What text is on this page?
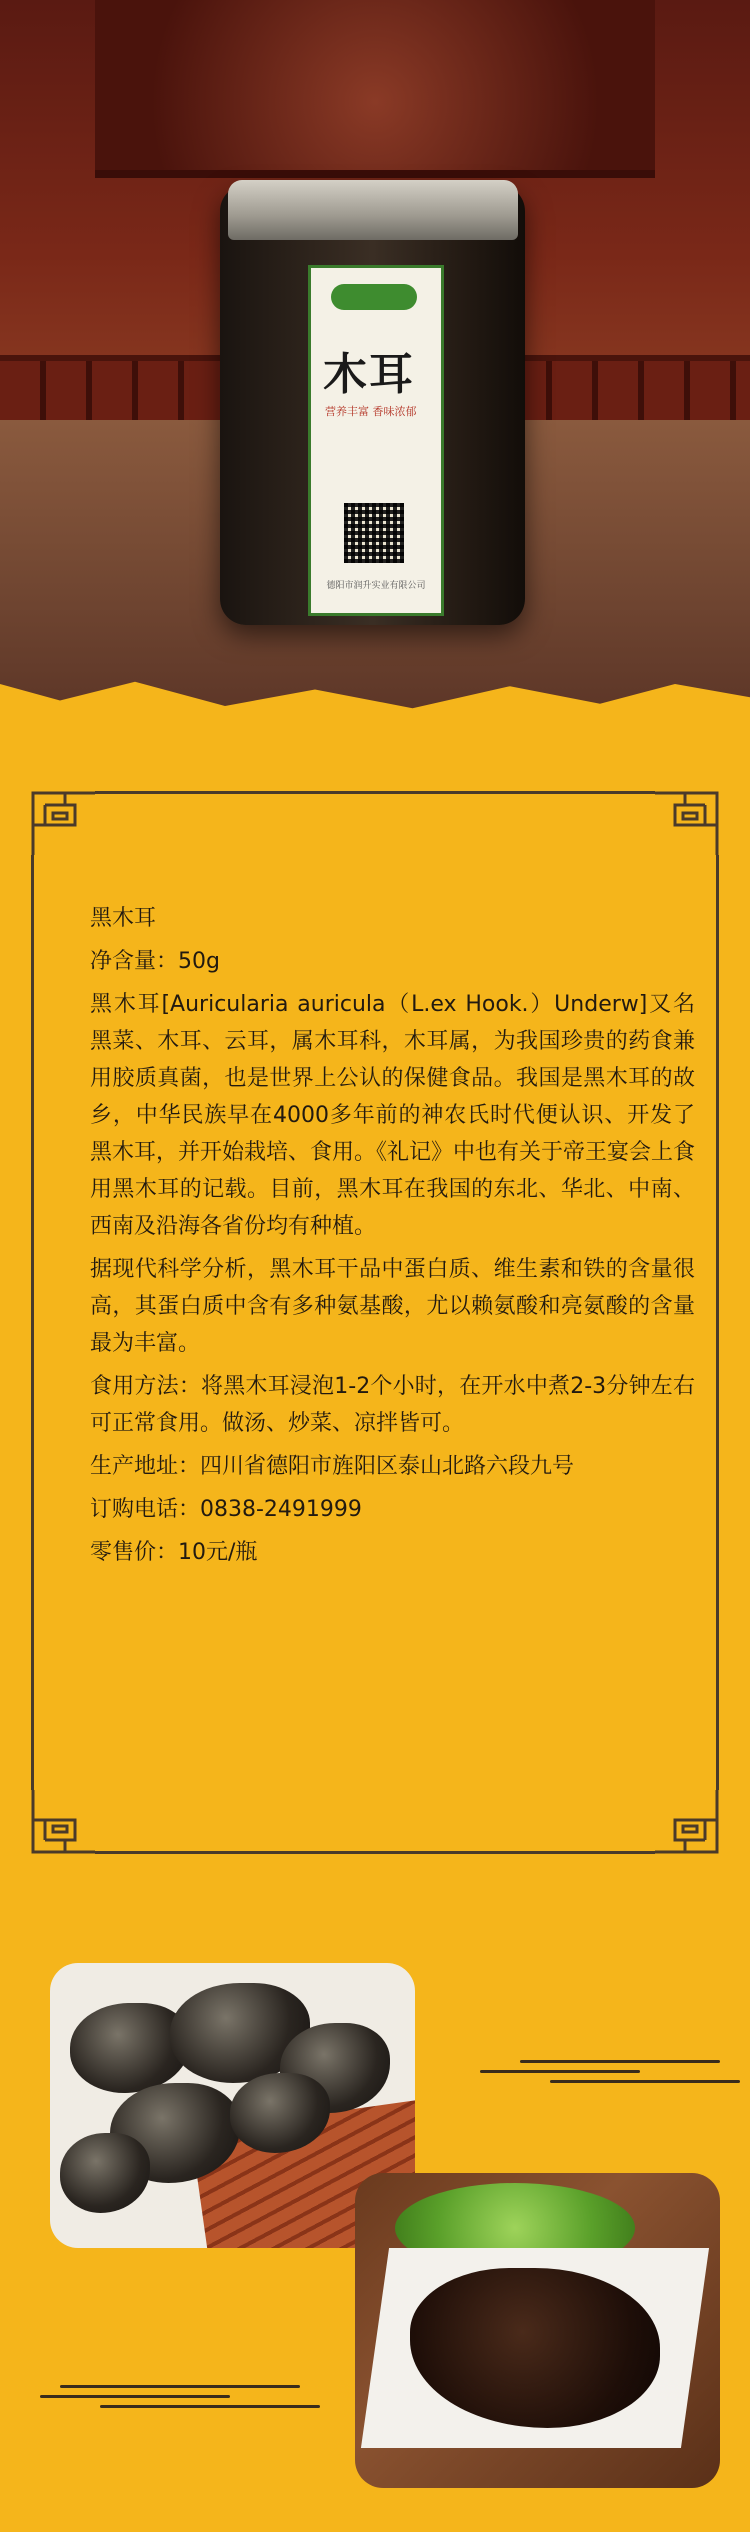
木耳
营养丰富 香味浓郁
德阳市润升实业有限公司

黑木耳

净含量：50g

黑木耳[Auricularia auricula（L.ex Hook.）Underw]又名黑菜、木耳、云耳，属木耳科，木耳属，为我国珍贵的药食兼用胶质真菌，也是世界上公认的保健食品。我国是黑木耳的故乡，中华民族早在4000多年前的神农氏时代便认识、开发了黑木耳，并开始栽培、食用。《礼记》中也有关于帝王宴会上食用黑木耳的记载。目前，黑木耳在我国的东北、华北、中南、西南及沿海各省份均有种植。

据现代科学分析，黑木耳干品中蛋白质、维生素和铁的含量很高，其蛋白质中含有多种氨基酸，尤以赖氨酸和亮氨酸的含量最为丰富。

食用方法：将黑木耳浸泡1-2个小时，在开水中煮2-3分钟左右可正常食用。做汤、炒菜、凉拌皆可。

生产地址：四川省德阳市旌阳区泰山北路六段九号

订购电话：0838-2491999

零售价：10元/瓶
